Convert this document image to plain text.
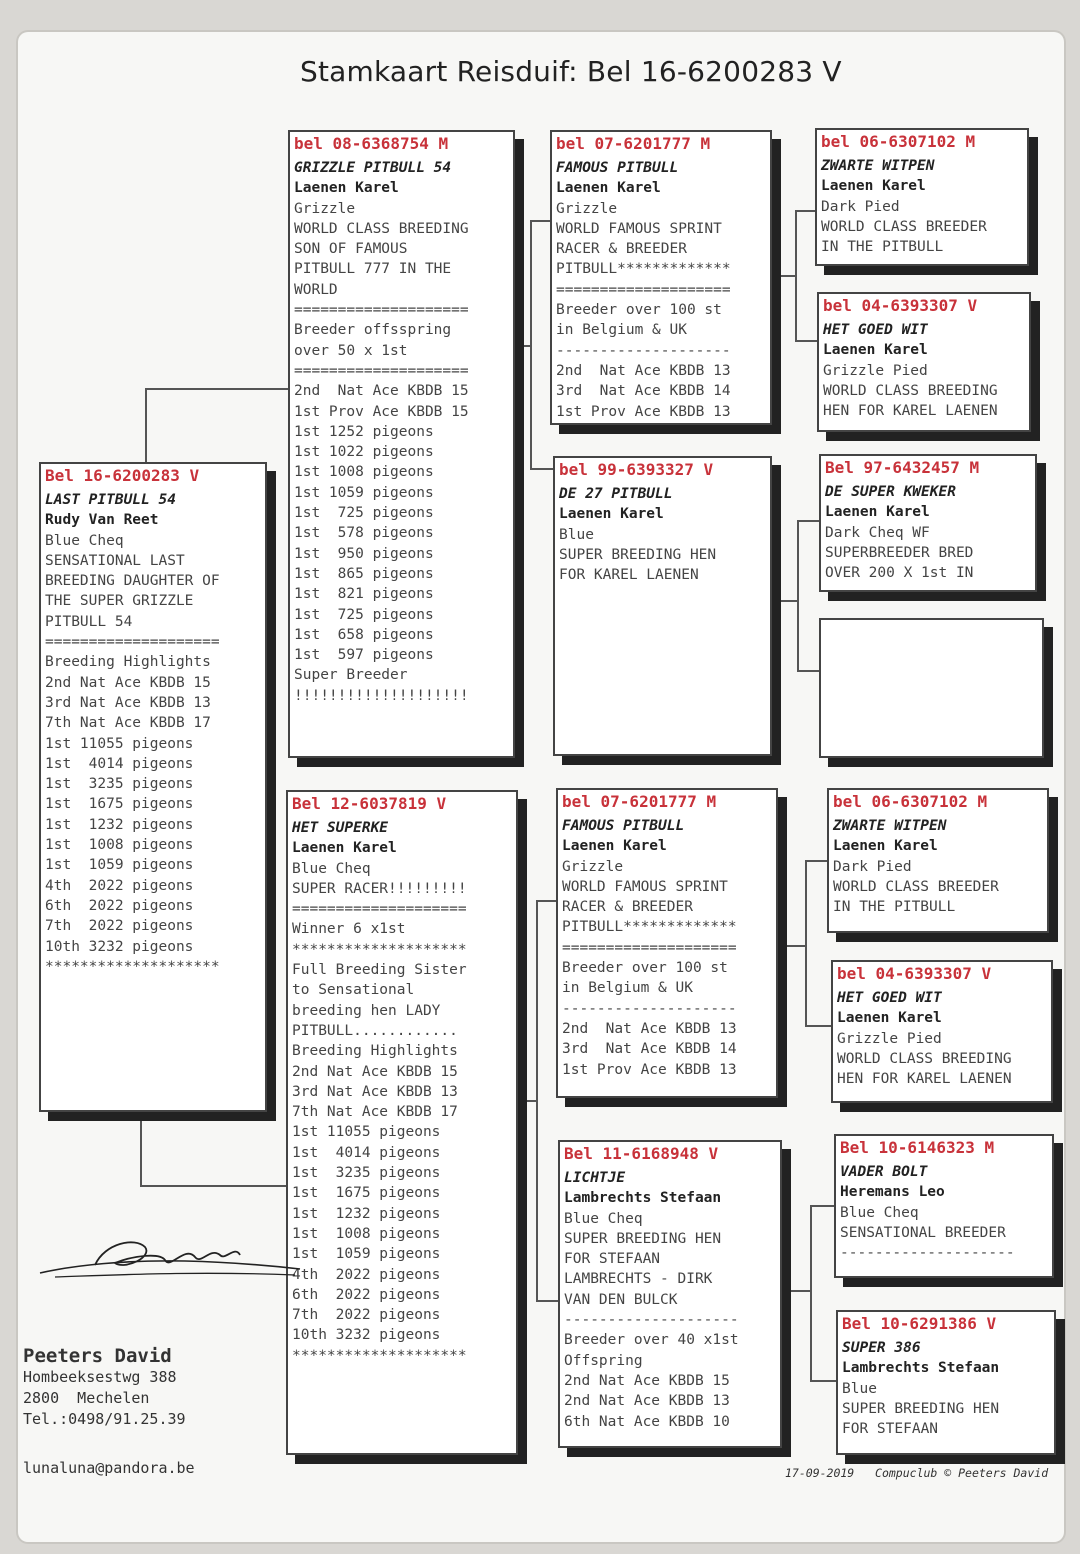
Stamkaart Reisduif: Bel 16-6200283 V
Bel 16-6200283 V
LAST PITBULL 54
Rudy Van Reet
Blue Cheq
SENSATIONAL LAST
BREEDING DAUGHTER OF
THE SUPER GRIZZLE
PITBULL 54
====================
Breeding Highlights
2nd Nat Ace KBDB 15
3rd Nat Ace KBDB 13
7th Nat Ace KBDB 17
1st 11055 pigeons
1st  4014 pigeons
1st  3235 pigeons
1st  1675 pigeons
1st  1232 pigeons
1st  1008 pigeons
1st  1059 pigeons
4th  2022 pigeons
6th  2022 pigeons
7th  2022 pigeons
10th 3232 pigeons
********************
bel 08-6368754 M
GRIZZLE PITBULL 54
Laenen Karel
Grizzle
WORLD CLASS BREEDING
SON OF FAMOUS
PITBULL 777 IN THE
WORLD
====================
Breeder offsspring
over 50 x 1st
====================
2nd  Nat Ace KBDB 15
1st Prov Ace KBDB 15
1st 1252 pigeons
1st 1022 pigeons
1st 1008 pigeons
1st 1059 pigeons
1st  725 pigeons
1st  578 pigeons
1st  950 pigeons
1st  865 pigeons
1st  821 pigeons
1st  725 pigeons
1st  658 pigeons
1st  597 pigeons
Super Breeder
!!!!!!!!!!!!!!!!!!!!
Bel 12-6037819 V
HET SUPERKE
Laenen Karel
Blue Cheq
SUPER RACER!!!!!!!!!
====================
Winner 6 x1st
********************
Full Breeding Sister
to Sensational
breeding hen LADY
PITBULL............
Breeding Highlights
2nd Nat Ace KBDB 15
3rd Nat Ace KBDB 13
7th Nat Ace KBDB 17
1st 11055 pigeons
1st  4014 pigeons
1st  3235 pigeons
1st  1675 pigeons
1st  1232 pigeons
1st  1008 pigeons
1st  1059 pigeons
4th  2022 pigeons
6th  2022 pigeons
7th  2022 pigeons
10th 3232 pigeons
********************
bel 07-6201777 M
FAMOUS PITBULL
Laenen Karel
Grizzle
WORLD FAMOUS SPRINT
RACER & BREEDER
PITBULL*************
====================
Breeder over 100 st
in Belgium & UK
--------------------
2nd  Nat Ace KBDB 13
3rd  Nat Ace KBDB 14
1st Prov Ace KBDB 13
bel 99-6393327 V
DE 27 PITBULL
Laenen Karel
Blue
SUPER BREEDING HEN
FOR KAREL LAENEN
bel 07-6201777 M
FAMOUS PITBULL
Laenen Karel
Grizzle
WORLD FAMOUS SPRINT
RACER & BREEDER
PITBULL*************
====================
Breeder over 100 st
in Belgium & UK
--------------------
2nd  Nat Ace KBDB 13
3rd  Nat Ace KBDB 14
1st Prov Ace KBDB 13
Bel 11-6168948 V
LICHTJE
Lambrechts Stefaan
Blue Cheq
SUPER BREEDING HEN
FOR STEFAAN
LAMBRECHTS - DIRK
VAN DEN BULCK
--------------------
Breeder over 40 x1st
Offspring
2nd Nat Ace KBDB 15
2nd Nat Ace KBDB 13
6th Nat Ace KBDB 10
bel 06-6307102 M
ZWARTE WITPEN
Laenen Karel
Dark Pied
WORLD CLASS BREEDER
IN THE PITBULL
bel 04-6393307 V
HET GOED WIT
Laenen Karel
Grizzle Pied
WORLD CLASS BREEDING
HEN FOR KAREL LAENEN
Bel 97-6432457 M
DE SUPER KWEKER
Laenen Karel
Dark Cheq WF
SUPERBREEDER BRED
OVER 200 X 1st IN
bel 06-6307102 M
ZWARTE WITPEN
Laenen Karel
Dark Pied
WORLD CLASS BREEDER
IN THE PITBULL
bel 04-6393307 V
HET GOED WIT
Laenen Karel
Grizzle Pied
WORLD CLASS BREEDING
HEN FOR KAREL LAENEN
Bel 10-6146323 M
VADER BOLT
Heremans Leo
Blue Cheq
SENSATIONAL BREEDER
--------------------
Bel 10-6291386 V
SUPER 386
Lambrechts Stefaan
Blue
SUPER BREEDING HEN
FOR STEFAAN
Peeters David
Hombeeksestwg 388
2800  Mechelen
Tel.:0498/91.25.39
lunaluna@pandora.be	17-09-2019 Compuclub © Peeters David
